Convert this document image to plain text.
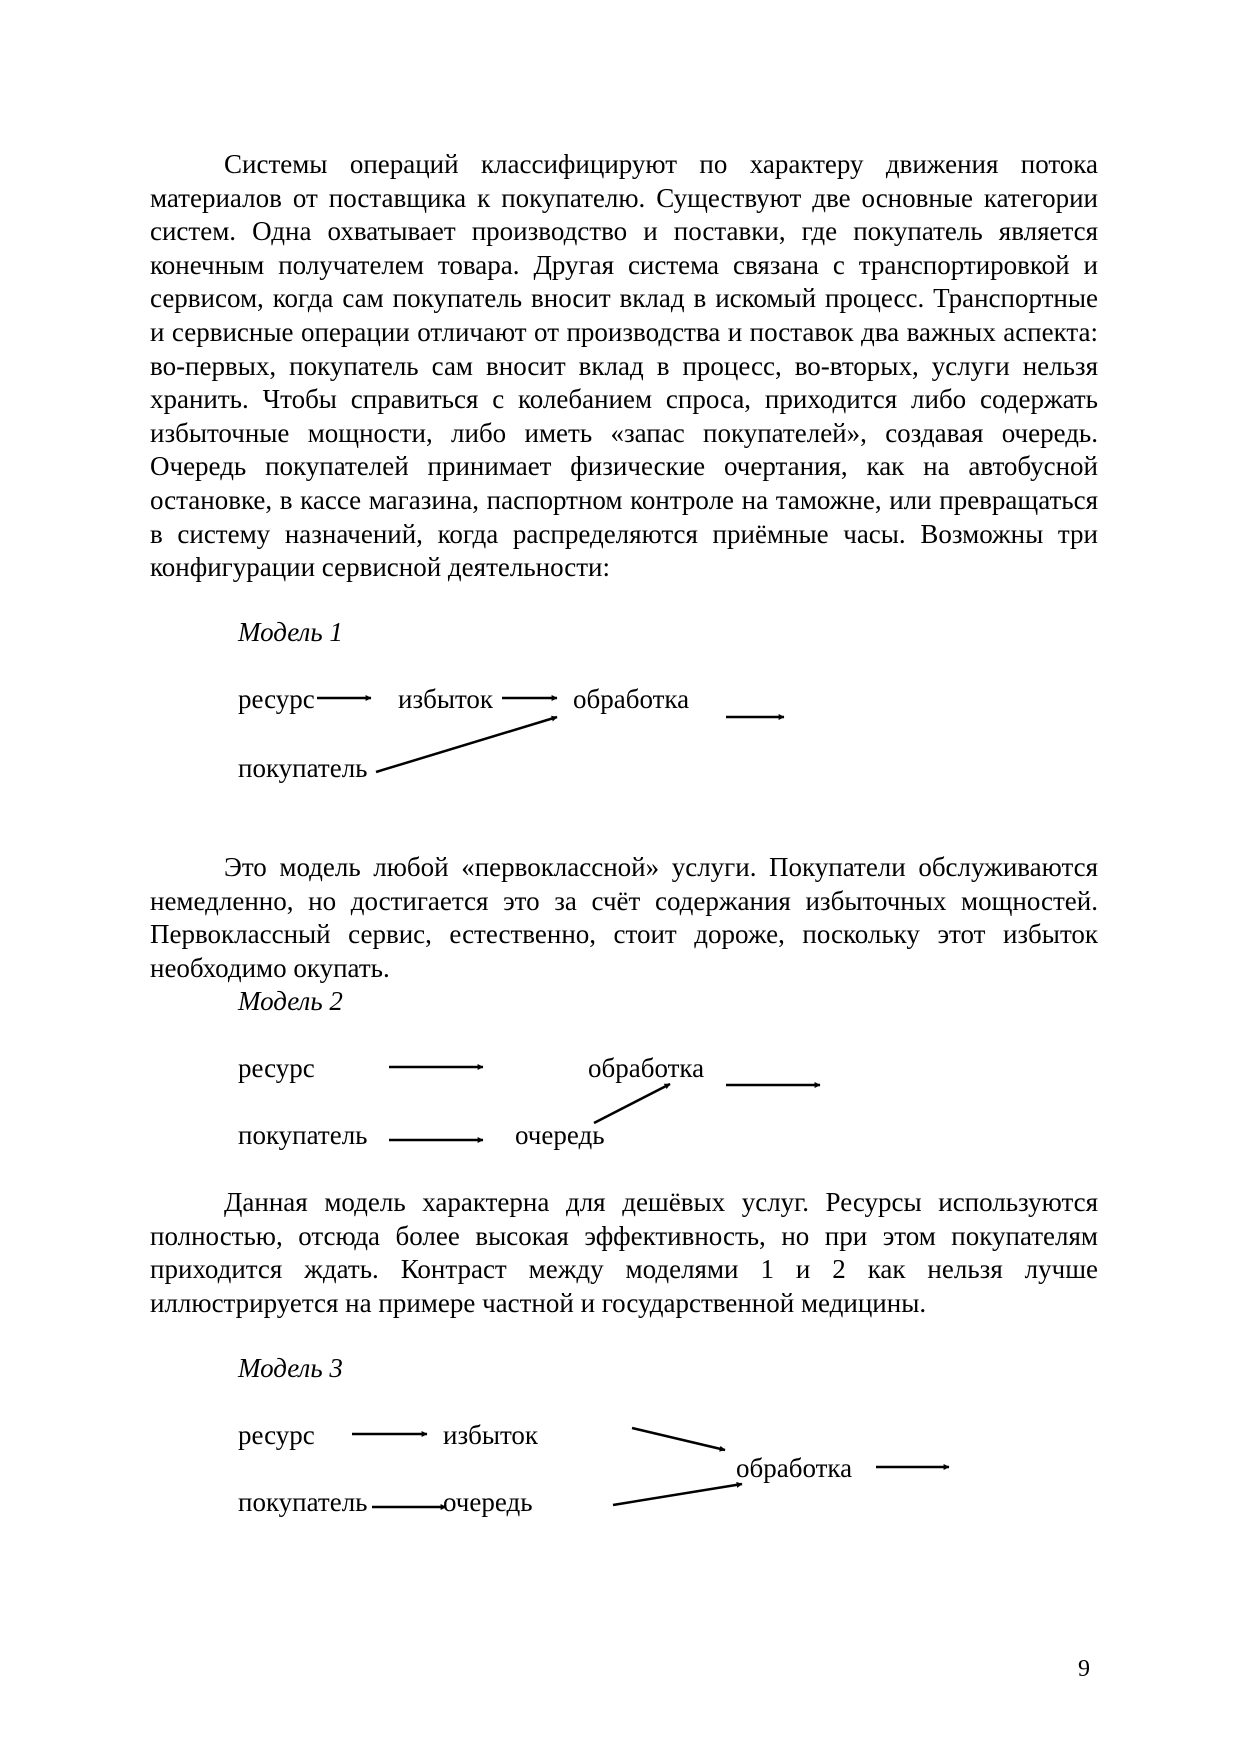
Системы операций классифицируют по характеру движения потока материалов от поставщика к покупателю. Существуют две основные категории систем. Одна охватывает производство и поставки, где покупатель является конечным получателем товара. Другая система связана с транспортировкой и сервисом, когда сам покупатель вносит вклад в искомый процесс. Транспортные и сервисные операции отличают от производства и поставок два важных аспекта: во-первых, покупатель сам вносит вклад в процесс, во-вторых, услуги нельзя хранить. Чтобы справиться с колебанием спроса, приходится либо содержать избыточные мощности, либо иметь «запас покупателей», создавая очередь. Очередь покупателей принимает физические очертания, как на автобусной остановке, в кассе магазина, паспортном контроле на таможне, или превращаться в систему назначений, когда распределяются приёмные часы. Возможны три конфигурации сервисной деятельности:

Модель 1
ресурс	избыток	обработка
покупатель

Это модель любой «первоклассной» услуги. Покупатели обслуживаются немедленно, но достигается это за счёт содержания избыточных мощностей. Первоклассный сервис, естественно, стоит дороже, поскольку этот избыток необходимо окупать.

Модель 2
ресурс	обработка
покупатель	очередь

Данная модель характерна для дешёвых услуг. Ресурсы используются полностью, отсюда более высокая эффективность, но при этом покупателям приходится ждать. Контраст между моделями 1 и 2 как нельзя лучше иллюстрируется на примере частной и государственной медицины.

Модель 3
ресурс	избыток
обработка
покупатель	очередь
9
